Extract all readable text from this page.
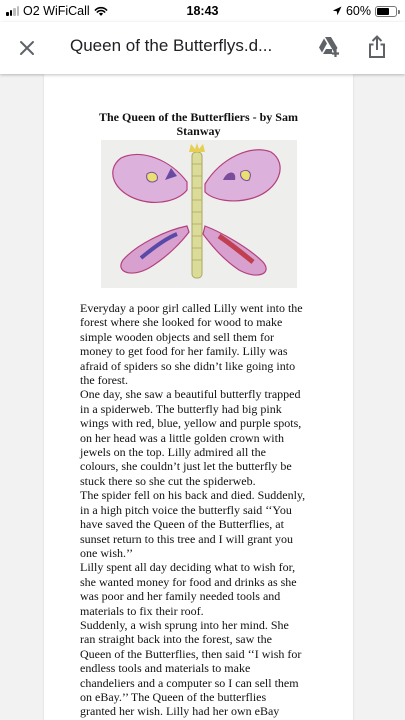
O2 WiFiCall	18:43	60%
Queen of the Butterflys.d...
The Queen of the Butterfliers - by Sam
Stanway

Everyday a poor girl called Lilly went into the
forest where she looked for wood to make
simple wooden objects and sell them for
money to get food for her family. Lilly was
afraid of spiders so she didn’t like going into
the forest.

One day, she saw a beautiful butterfly trapped
in a spiderweb. The butterfly had big pink
wings with red, blue, yellow and purple spots,
on her head was a little golden crown with
jewels on the top. Lilly admired all the
colours, she couldn’t just let the butterfly be
stuck there so she cut the spiderweb.

The spider fell on his back and died. Suddenly,
in a high pitch voice the butterfly said ‘‘You
have saved the Queen of the Butterflies, at
sunset return to this tree and I will grant you
one wish.’’

Lilly spent all day deciding what to wish for,
she wanted money for food and drinks as she
was poor and her family needed tools and
materials to fix their roof.

Suddenly, a wish sprung into her mind. She
ran straight back into the forest, saw the
Queen of the Butterflies, then said ‘‘I wish for
endless tools and materials to make
chandeliers and a computer so I can sell them
on eBay.’’ The Queen of the butterflies
granted her wish. Lilly had her own eBay
